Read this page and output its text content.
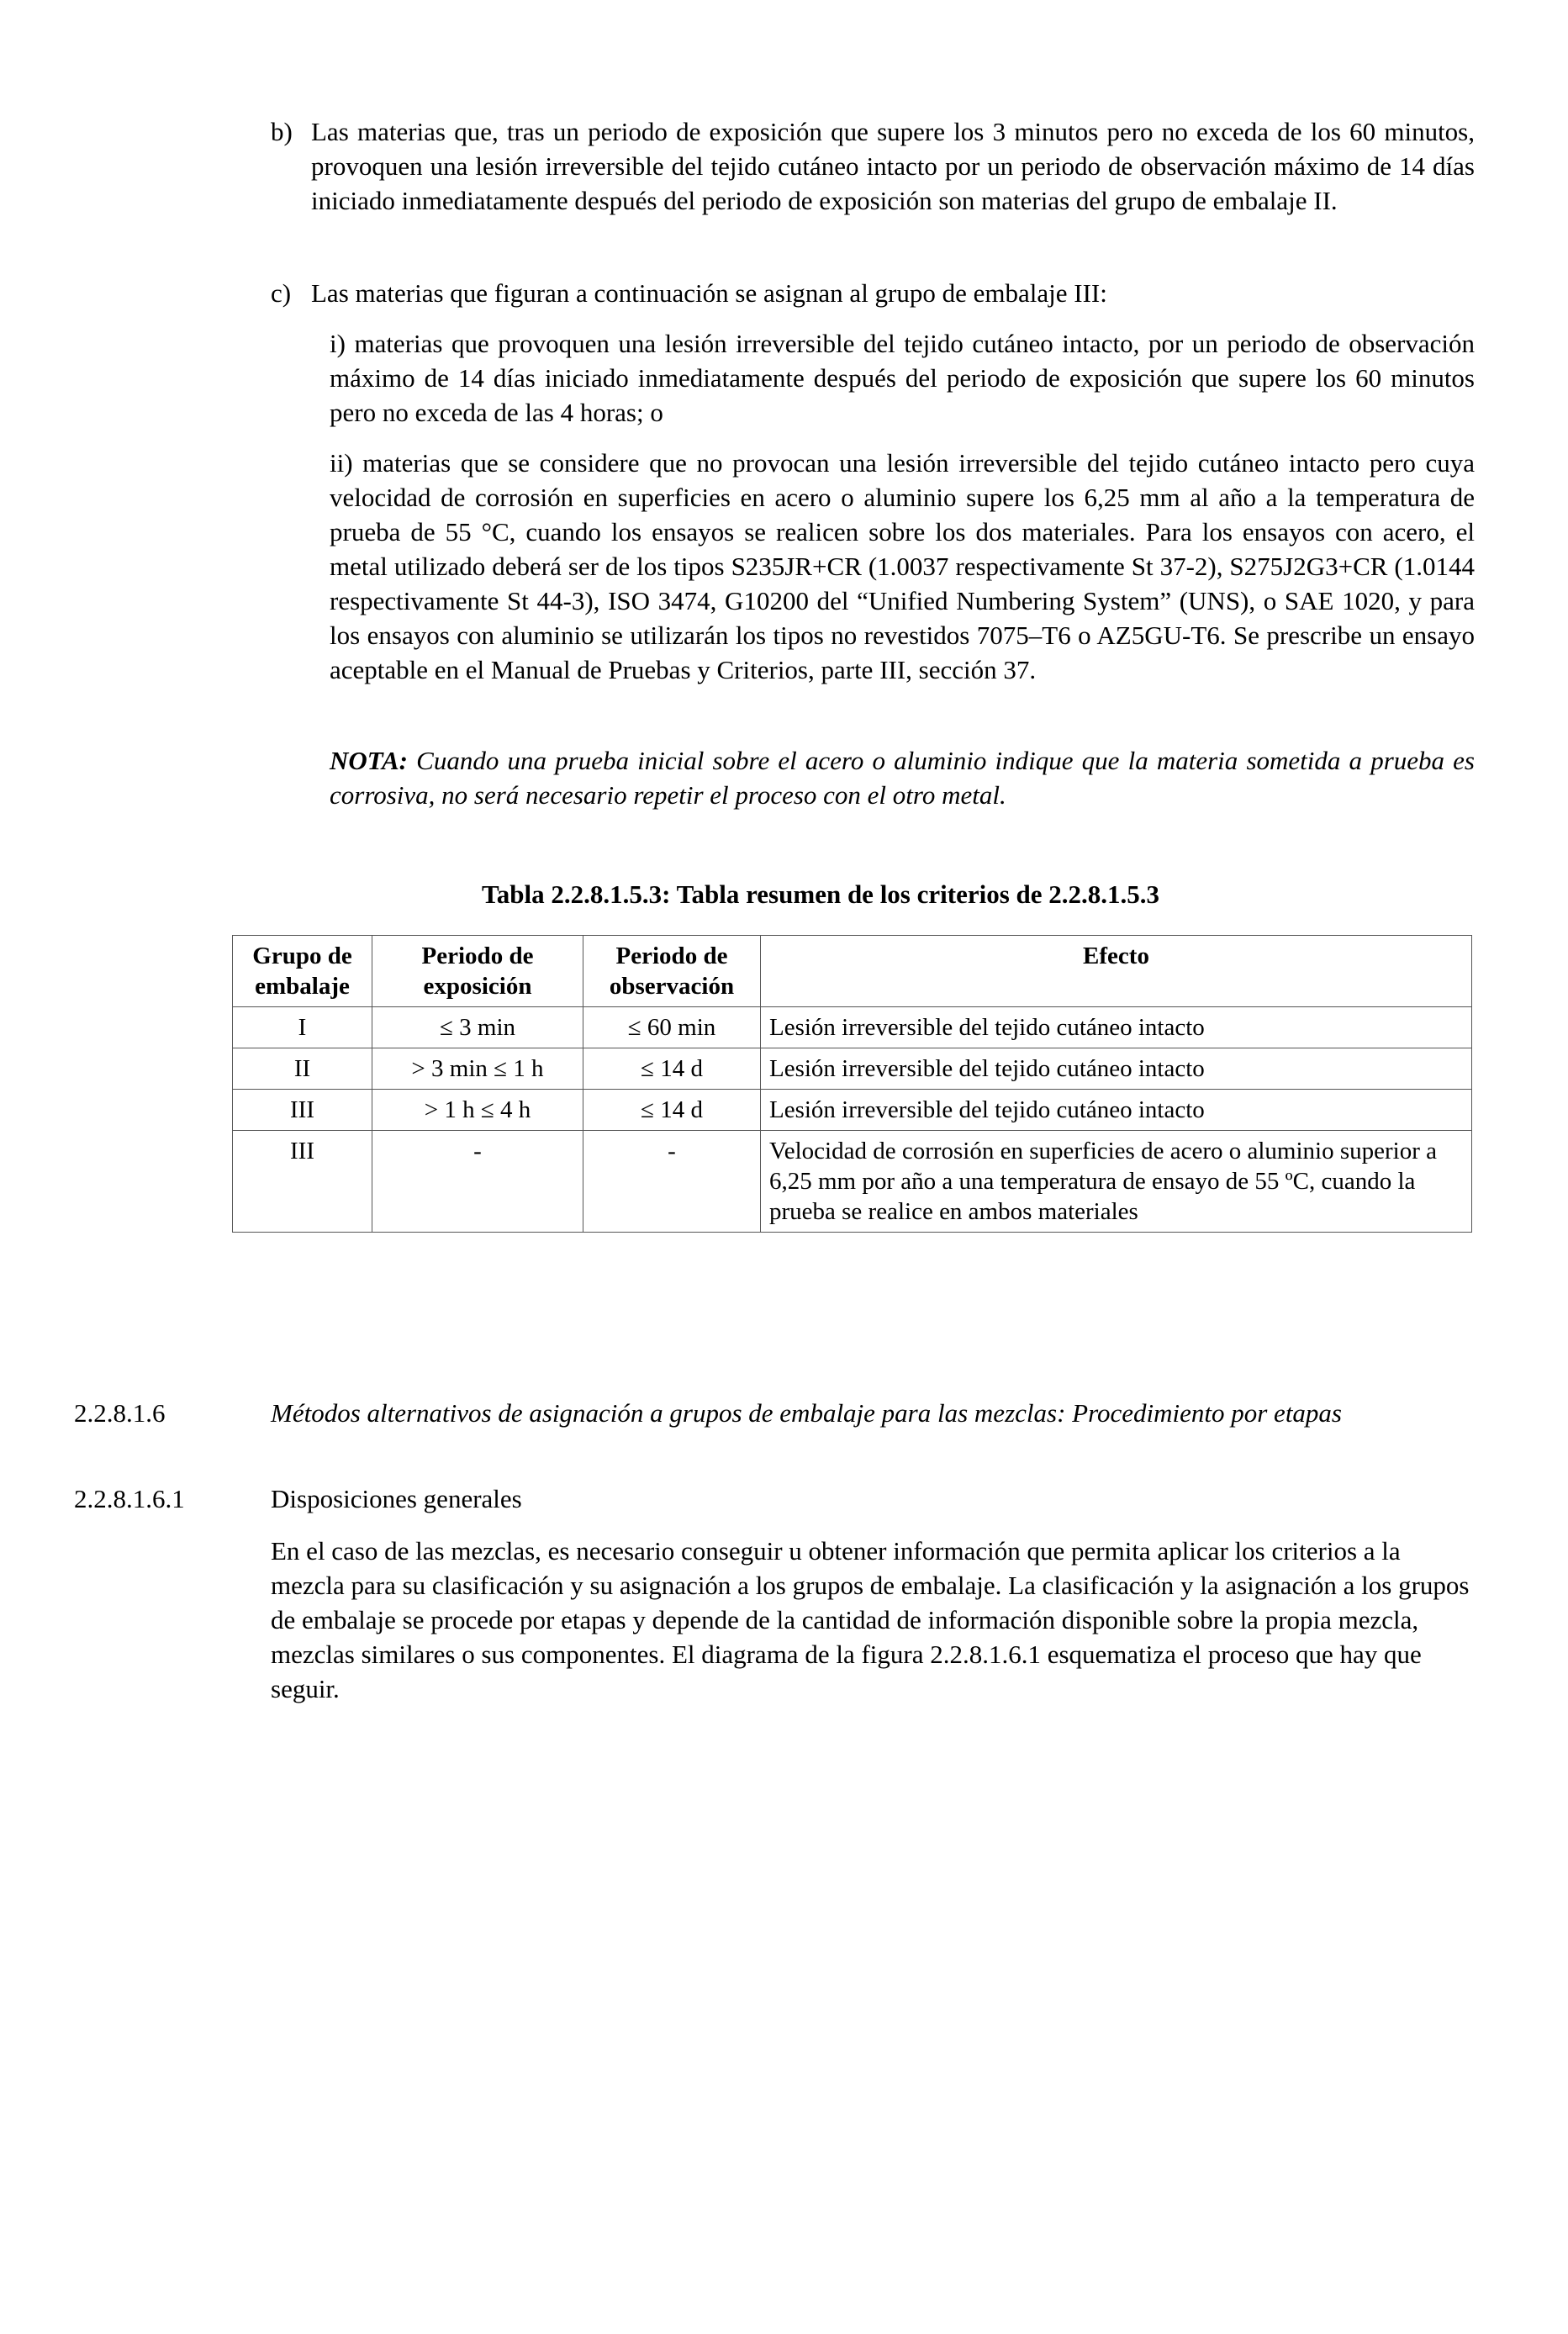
b) Las materias que, tras un periodo de exposición que supere los 3 minutos pero no exceda de los 60 minutos, provoquen una lesión irreversible del tejido cutáneo intacto por un periodo de observación máximo de 14 días iniciado inmediatamente después del periodo de exposición son materias del grupo de embalaje II.
c) Las materias que figuran a continuación se asignan al grupo de embalaje III:
i) materias que provoquen una lesión irreversible del tejido cutáneo intacto, por un periodo de observación máximo de 14 días iniciado inmediatamente después del periodo de exposición que supere los 60 minutos pero no exceda de las 4 horas; o
ii) materias que se considere que no provocan una lesión irreversible del tejido cutáneo intacto pero cuya velocidad de corrosión en superficies en acero o aluminio supere los 6,25 mm al año a la temperatura de prueba de 55 °C, cuando los ensayos se realicen sobre los dos materiales. Para los ensayos con acero, el metal utilizado deberá ser de los tipos S235JR+CR (1.0037 respectivamente St 37-2), S275J2G3+CR (1.0144 respectivamente St 44-3), ISO 3474, G10200 del “Unified Numbering System” (UNS), o SAE 1020, y para los ensayos con aluminio se utilizarán los tipos no revestidos 7075–T6 o AZ5GU-T6. Se prescribe un ensayo aceptable en el Manual de Pruebas y Criterios, parte III, sección 37.
NOTA: Cuando una prueba inicial sobre el acero o aluminio indique que la materia sometida a prueba es corrosiva, no será necesario repetir el proceso con el otro metal.
Tabla 2.2.8.1.5.3: Tabla resumen de los criterios de 2.2.8.1.5.3
Grupo de embalaje	Periodo de exposición	Periodo de observación	Efecto
I	≤ 3 min	≤ 60 min	Lesión irreversible del tejido cutáneo intacto
II	> 3 min ≤ 1 h	≤ 14 d	Lesión irreversible del tejido cutáneo intacto
III	> 1 h ≤ 4 h	≤ 14 d	Lesión irreversible del tejido cutáneo intacto
III	-	-	Velocidad de corrosión en superficies de acero o aluminio superior a 6,25 mm por año a una temperatura de ensayo de 55 ºC, cuando la prueba se realice en ambos materiales
2.2.8.1.6	Métodos alternativos de asignación a grupos de embalaje para las mezclas: Procedimiento por etapas
2.2.8.1.6.1	Disposiciones generales
En el caso de las mezclas, es necesario conseguir u obtener información que permita aplicar los criterios a la mezcla para su clasificación y su asignación a los grupos de embalaje. La clasificación y la asignación a los grupos de embalaje se procede por etapas y depende de la cantidad de información disponible sobre la propia mezcla, mezclas similares o sus componentes. El diagrama de la figura 2.2.8.1.6.1 esquematiza el proceso que hay que seguir.
